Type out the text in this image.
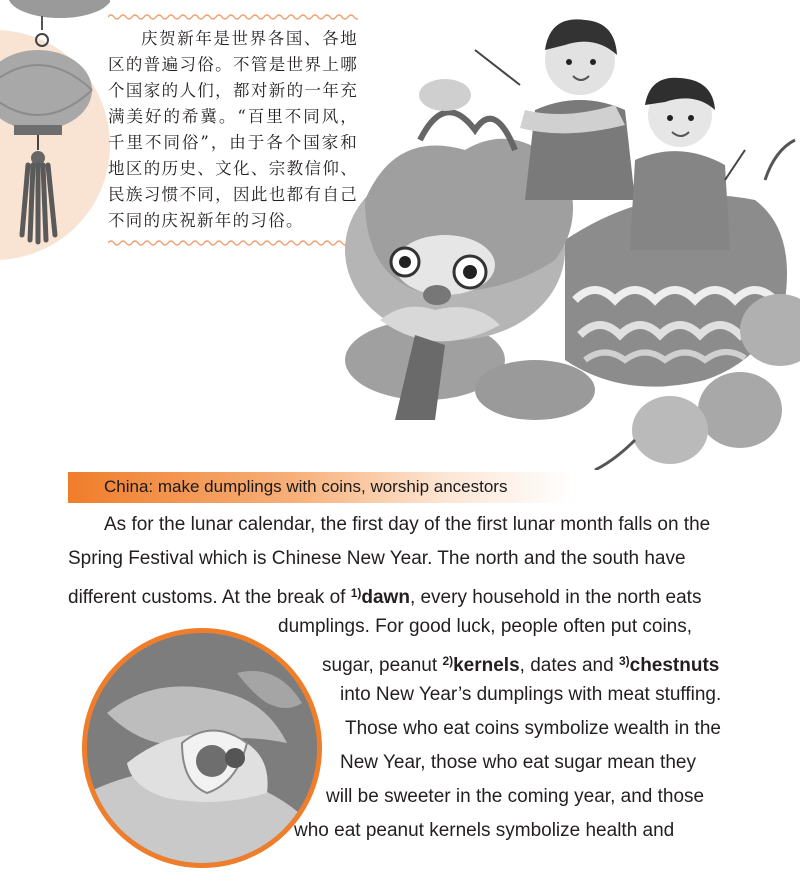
庆贺新年是世界各国、各地区的普遍习俗。不管是世界上哪个国家的人们，都对新的一年充满美好的希冀。“百里不同风，千里不同俗”，由于各个国家和地区的历史、文化、宗教信仰、民族习惯不同，因此也都有自己不同的庆祝新年的习俗。

China: make dumplings with coins, worship ancestors
As for the lunar calendar, the first day of the first lunar month falls on the
Spring Festival which is Chinese New Year. The north and the south have
different customs. At the break of $^{1)}$dawn, every household in the north eats
dumplings. For good luck, people often put coins,
sugar, peanut $^{2)}$kernels, dates and $^{3)}$chestnuts
into New Year’s dumplings with meat stuffing.
Those who eat coins symbolize wealth in the
New Year, those who eat sugar mean they
will be sweeter in the coming year, and those
who eat peanut kernels symbolize health and
